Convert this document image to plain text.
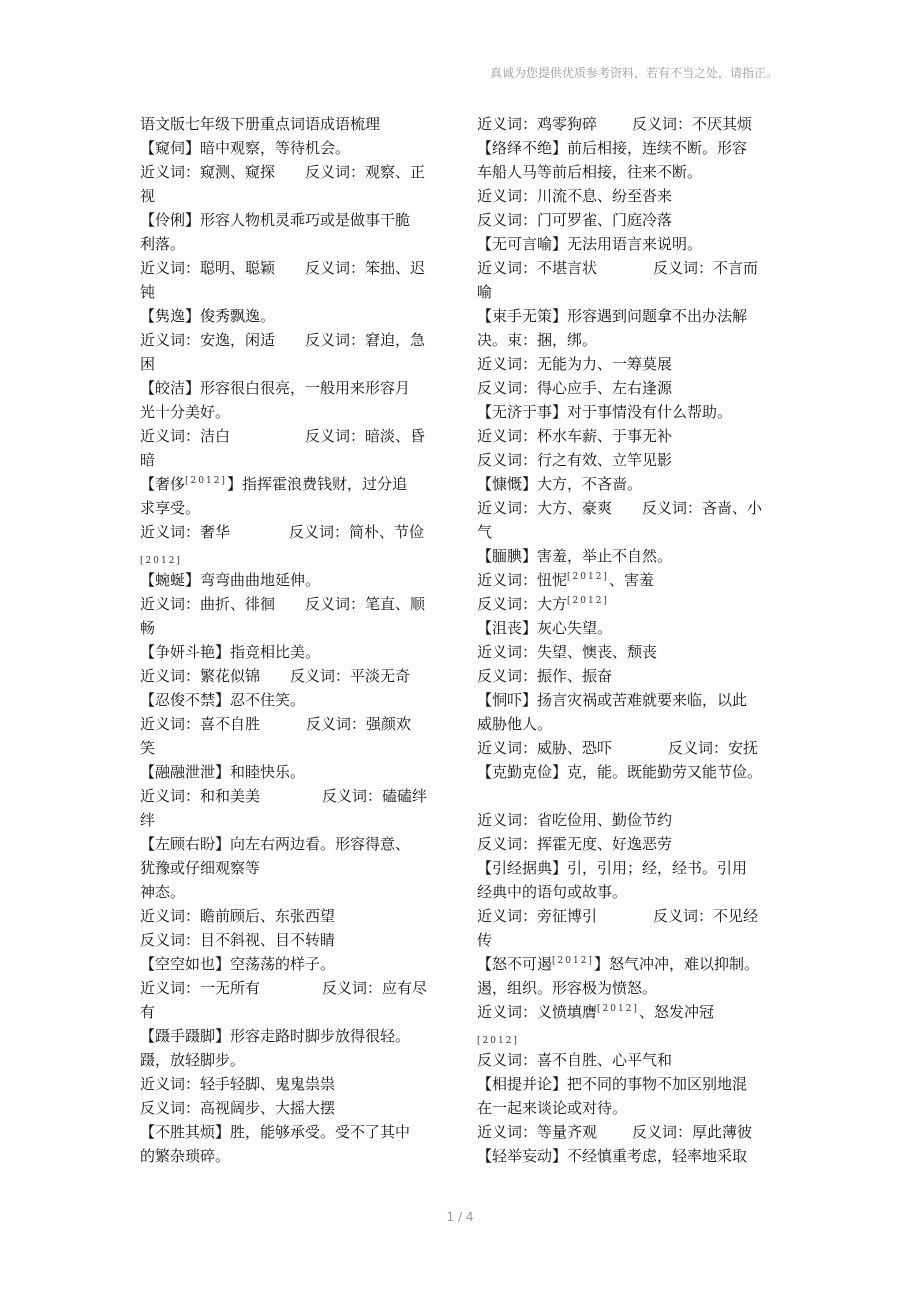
真诚为您提供优质参考资料，若有不当之处，请指正。
语文版七年级下册重点词语成语梳理
【窥伺】暗中观察，等待机会。
近义词：窥测、窥探 反义词：观察、正
视
【伶俐】形容人物机灵乖巧或是做事干脆
利落。
近义词：聪明、聪颖 反义词：笨拙、迟
钝
【隽逸】俊秀飘逸。
近义词：安逸，闲适 反义词：窘迫，急
困
【皎洁】形容很白很亮，一般用来形容月
光十分美好。
近义词：洁白	反义词：暗淡、昏
暗
【奢侈[2012]】指挥霍浪费钱财，过分追
求享受。
近义词：奢华	反义词：简朴、节俭
[2012]
【蜿蜒】弯弯曲曲地延伸。
近义词：曲折、徘徊 反义词：笔直、顺
畅
【争妍斗艳】指竞相比美。
近义词：繁花似锦 反义词：平淡无奇
【忍俊不禁】忍不住笑。
近义词：喜不自胜	反义词：强颜欢
笑
【融融泄泄】和睦快乐。
近义词：和和美美	反义词：磕磕绊
绊
【左顾右盼】向左右两边看。形容得意、
犹豫或仔细观察等
神态。
近义词：瞻前顾后、东张西望
反义词：目不斜视、目不转睛
【空空如也】空荡荡的样子。
近义词：一无所有	反义词：应有尽
有
【蹑手蹑脚】形容走路时脚步放得很轻。
蹑，放轻脚步。
近义词：轻手轻脚、鬼鬼祟祟
反义词：高视阔步、大摇大摆
【不胜其烦】胜，能够承受。受不了其中
的繁杂琐碎。
近义词：鸡零狗碎 反义词：不厌其烦
【络绎不绝】前后相接，连续不断。形容
车船人马等前后相接，往来不断。
近义词：川流不息、纷至沓来
反义词：门可罗雀、门庭冷落
【无可言喻】无法用语言来说明。
近义词：不堪言状	反义词：不言而
喻
【束手无策】形容遇到问题拿不出办法解
决。束：捆，绑。
近义词：无能为力、一筹莫展
反义词：得心应手、左右逢源
【无济于事】对于事情没有什么帮助。
近义词：杯水车薪、于事无补
反义词：行之有效、立竿见影
【慷慨】大方，不吝啬。
近义词：大方、豪爽 反义词：吝啬、小
气
【腼腆】害羞，举止不自然。
近义词：忸怩[2012]、害羞
反义词：大方[2012]
【沮丧】灰心失望。
近义词：失望、懊丧、颓丧
反义词：振作、振奋
【恫吓】扬言灾祸或苦难就要来临，以此
威胁他人。
近义词：威胁、恐吓	反义词：安抚
【克勤克俭】克，能。既能勤劳又能节俭。
近义词：省吃俭用、勤俭节约
反义词：挥霍无度、好逸恶劳
【引经据典】引，引用；经，经书。引用
经典中的语句或故事。
近义词：旁征博引	反义词：不见经
传
【怒不可遏[2012]】怒气冲冲，难以抑制。
遏，组织。形容极为愤怒。
近义词：义愤填膺[2012]、怒发冲冠
[2012]
反义词：喜不自胜、心平气和
【相提并论】把不同的事物不加区别地混
在一起来谈论或对待。
近义词：等量齐观 反义词：厚此薄彼
【轻举妄动】不经慎重考虑，轻率地采取
1 / 4
